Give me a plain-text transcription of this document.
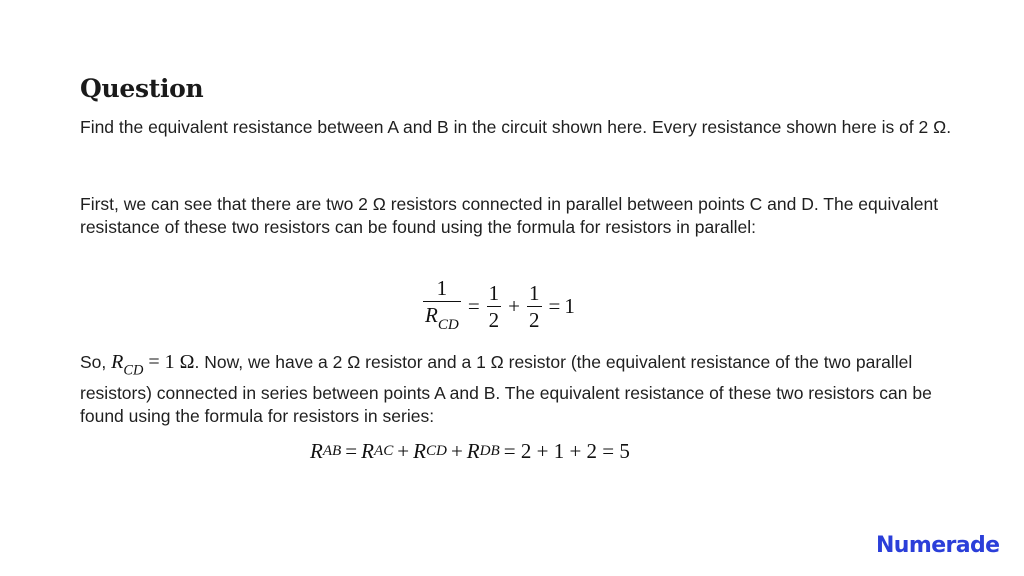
Question
Find the equivalent resistance between A and B in the circuit shown here. Every resistance shown here is of 2 Ω.
First, we can see that there are two 2 Ω resistors connected in parallel between points C and D. The equivalent resistance of these two resistors can be found using the formula for resistors in parallel:
$\frac{1}{R_{CD}} = \frac{1}{2} + \frac{1}{2} = 1$
So, $R_{CD} = 1$ Ω. Now, we have a 2 Ω resistor and a 1 Ω resistor (the equivalent resistance of the two parallel resistors) connected in series between points A and B. The equivalent resistance of these two resistors can be found using the formula for resistors in series:
R AB = R AC + R CD + R DB = 2 + 1 + 2 = 5
Numerade
